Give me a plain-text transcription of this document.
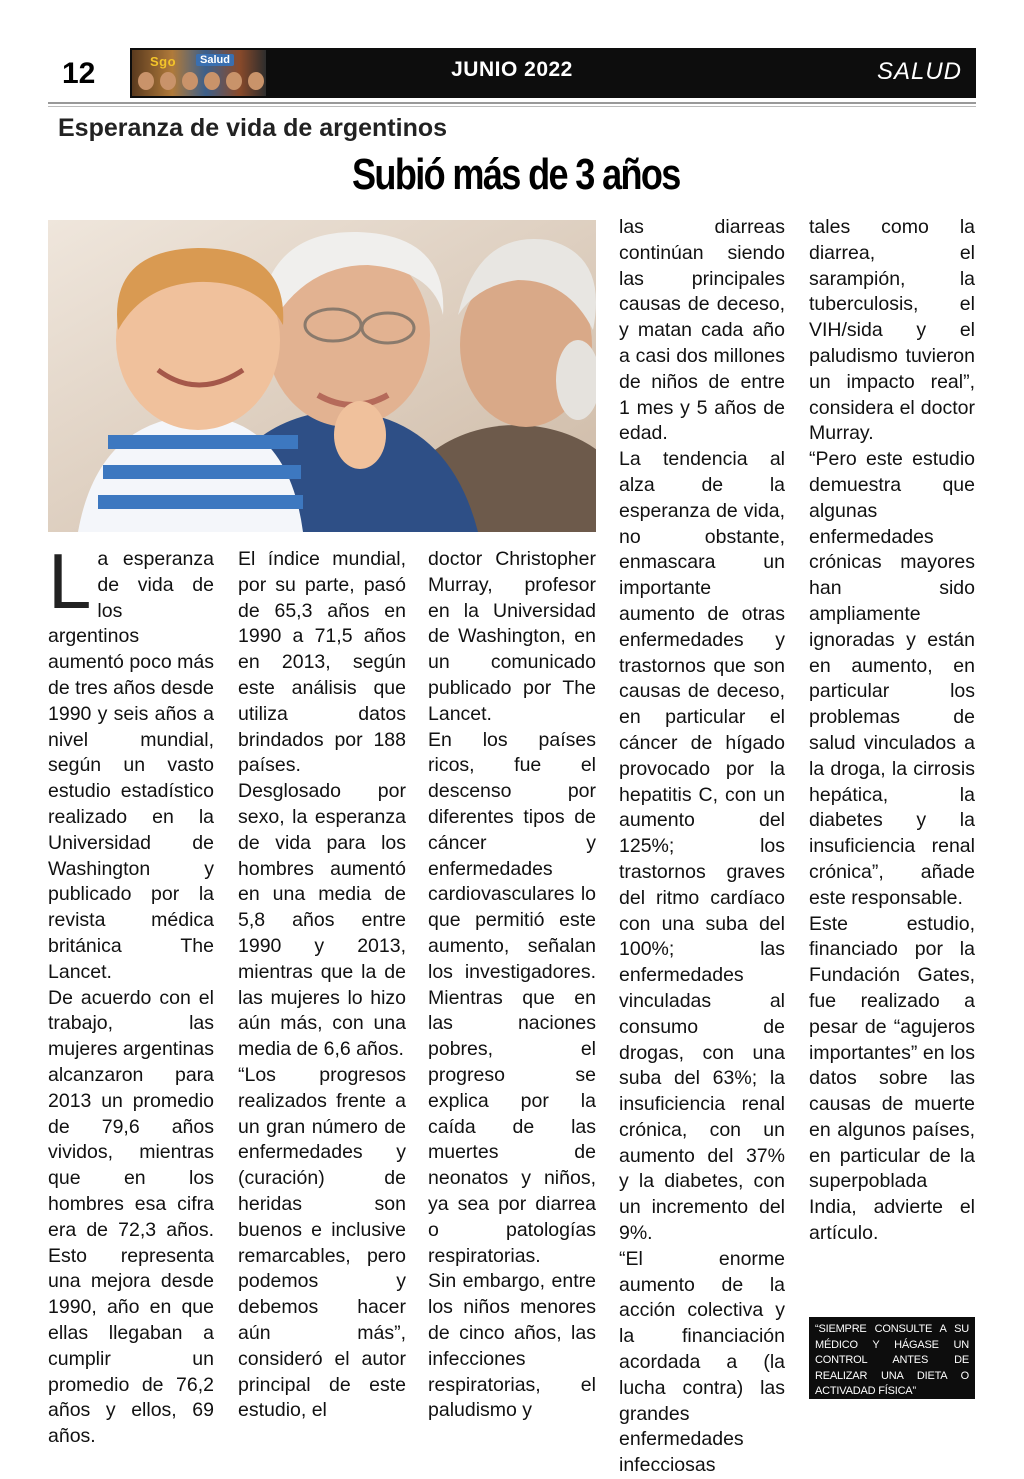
12	Sgo	Salud	JUNIO 2022	SALUD
Esperanza de vida de argentinos
Subió más de 3 años

La esperanza de vida de los argentinos aumentó poco más de tres años desde 1990 y seis años a nivel mundial, según un vasto estudio estadístico realizado en la Universidad de Washington y publicado por la revista médica británica The Lancet.

De acuerdo con el trabajo, las mujeres argentinas alcanzaron para 2013 un promedio de 79,6 años vividos, mientras que en los hombres esa cifra era de 72,3 años. Esto representa una mejora desde 1990, año en que ellas llegaban a cumplir un promedio de 76,2 años y ellos, 69 años.

El índice mundial, por su parte, pasó de 65,3 años en 1990 a 71,5 años en 2013, según este análisis que utiliza datos brindados por 188 países. Desglosado por sexo, la esperanza de vida para los hombres aumentó en una media de 5,8 años entre 1990 y 2013, mientras que la de las mujeres lo hizo aún más, con una media de 6,6 años.

“Los progresos realizados frente a un gran número de enfermedades y (curación) de heridas son buenos e inclusive remarcables, pero podemos y debemos hacer aún más”, consideró el autor principal de este estudio, el

doctor Christopher Murray, profesor en la Universidad de Washington, en un comunicado publicado por The Lancet.

En los países ricos, fue el descenso por diferentes tipos de cáncer y enfermedades cardiovasculares lo que permitió este aumento, señalan los investigadores. Mientras que en las naciones pobres, el progreso se explica por la caída de las muertes de neonatos y niños, ya sea por diarrea o patologías respiratorias.

Sin embargo, entre los niños menores de cinco años, las infecciones respiratorias, el paludismo y

las diarreas continúan siendo las principales causas de deceso, y matan cada año a casi dos millones de niños de entre 1 mes y 5 años de edad.

La tendencia al alza de la esperanza de vida, no obstante, enmascara un importante aumento de otras enfermedades y trastornos que son causas de deceso, en particular el cáncer de hígado provocado por la hepatitis C, con un aumento del 125%; los trastornos graves del ritmo cardíaco con una suba del 100%; las enfermedades vinculadas al consumo de drogas, con una suba del 63%; la insuficiencia renal crónica, con un aumento del 37% y la diabetes, con un incremento del 9%.

“El enorme aumento de la acción colectiva y la financiación acordada a (la lucha contra) las grandes enfermedades infecciosas

tales como la diarrea, el sarampión, la tuberculosis, el VIH/sida y el paludismo tuvieron un impacto real”, considera el doctor Murray.

“Pero este estudio demuestra que algunas enfermedades crónicas mayores han sido ampliamente ignoradas y están en aumento, en particular los problemas de salud vinculados a la droga, la cirrosis hepática, la diabetes y la insuficiencia renal crónica”, añade este responsable.

Este estudio, financiado por la Fundación Gates, fue realizado a pesar de “agujeros importantes” en los datos sobre las causas de muerte en algunos países, en particular de la superpoblada India, advierte el artículo.

“SIEMPRE CONSULTE A SU MÉDICO Y HÁGASE UN CONTROL ANTES DE REALIZAR UNA DIETA O ACTIVADAD FÍSICA”
